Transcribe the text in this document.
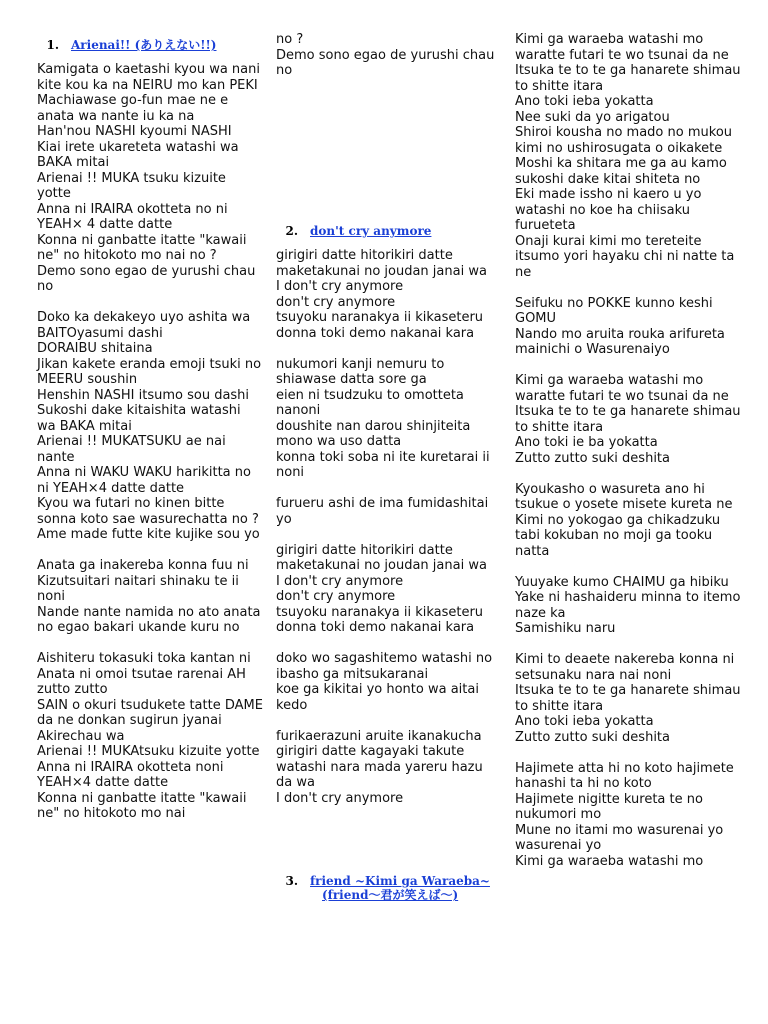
1. Arienai!! (ありえない!!)
Kamigata o kaetashi kyou wa nani kite kou ka na NEIRU mo kan PEKI
Machiawase go-fun mae ne e anata wa nante iu ka na
Han'nou NASHI kyoumi NASHI
Kiai irete ukareteta watashi wa BAKA mitai
Arienai !! MUKA tsuku kizuite yotte
Anna ni IRAIRA okotteta no ni YEAH× 4 datte datte
Konna ni ganbatte itatte "kawaii ne" no hitokoto mo nai no ?
Demo sono egao de yurushi chau no
Doko ka dekakeyo uyo ashita wa BAITOyasumi dashi
DORAIBU shitaina
Jikan kakete eranda emoji tsuki no MEERU soushin
Henshin NASHI itsumo sou dashi
Sukoshi dake kitaishita watashi wa BAKA mitai
Arienai !! MUKATSUKU ae nai nante
Anna ni WAKU WAKU harikitta no ni YEAH×4 datte datte
Kyou wa futari no kinen bitte sonna koto sae wasurechatta no ?
Ame made futte kite kujike sou yo
Anata ga inakereba konna fuu ni
Kizutsuitari naitari shinaku te ii noni
Nande nante namida no ato anata no egao bakari ukande kuru no
Aishiteru tokasuki toka kantan ni
Anata ni omoi tsutae rarenai AH zutto zutto
SAIN o okuri tsudukete tatte DAME da ne donkan sugirun jyanai
Akirechau wa
Arienai !! MUKAtsuku kizuite yotte
Anna ni IRAIRA okotteta noni YEAH×4 datte datte
Konna ni ganbatte itatte "kawaii ne" no hitokoto mo nai
no ?
Demo sono egao de yurushi chau no
2. don't cry anymore
girigiri datte hitorikiri datte maketakunai no joudan janai wa
I don't cry anymore
don't cry anymore
tsuyoku naranakya ii kikaseteru
donna toki demo nakanai kara
nukumori kanji nemuru to shiawase datta sore ga
eien ni tsudzuku to omotteta nanoni
doushite nan darou shinjiteita mono wa uso datta
konna toki soba ni ite kuretarai ii noni
furueru ashi de ima fumidashitai yo
girigiri datte hitorikiri datte maketakunai no joudan janai wa
I don't cry anymore
don't cry anymore
tsuyoku naranakya ii kikaseteru
donna toki demo nakanai kara
doko wo sagashitemo watashi no ibasho ga mitsukaranai
koe ga kikitai yo honto wa aitai kedo
furikaerazuni aruite ikanakucha
girigiri datte kagayaki takute
watashi nara mada yareru hazu da wa
I don't cry anymore
3. friend ~Kimi ga Waraeba~
(friend〜君が笑えば〜)
Kimi ga waraeba watashi mo waratte futari te wo tsunai da ne
Itsuka te to te ga hanarete shimau to shitte itara
Ano toki ieba yokatta
Nee suki da yo arigatou
Shiroi kousha no mado no mukou kimi no ushirosugata o oikakete
Moshi ka shitara me ga au kamo sukoshi dake kitai shiteta no
Eki made issho ni kaero u yo watashi no koe ha chiisaku furueteta
Onaji kurai kimi mo tereteite itsumo yori hayaku chi ni natte ta ne
Seifuku no POKKE kunno keshi GOMU
Nando mo aruita rouka arifureta mainichi o Wasurenaiyo
Kimi ga waraeba watashi mo waratte futari te wo tsunai da ne
Itsuka te to te ga hanarete shimau to shitte itara
Ano toki ie ba yokatta
Zutto zutto suki deshita
Kyoukasho o wasureta ano hi tsukue o yosete misete kureta ne
Kimi no yokogao ga chikadzuku tabi kokuban no moji ga tooku natta
Yuuyake kumo CHAIMU ga hibiku
Yake ni hashaideru minna to itemo naze ka
Samishiku naru
Kimi to deaete nakereba konna ni setsunaku nara nai noni
Itsuka te to te ga hanarete shimau to shitte itara
Ano toki ieba yokatta
Zutto zutto suki deshita
Hajimete atta hi no koto hajimete hanashi ta hi no koto
Hajimete nigitte kureta te no nukumori mo
Mune no itami mo wasurenai yo wasurenai yo
Kimi ga waraeba watashi mo
